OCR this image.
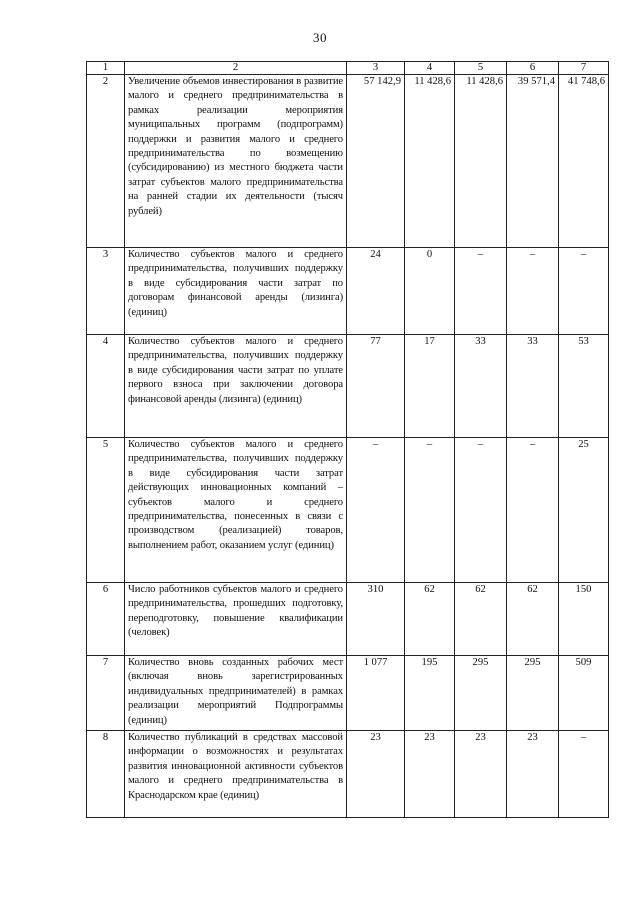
30
1	2	3	4	5	6	7
2	Увеличение объемов инвестирования в развитие малого и среднего предпринимательства в рамках реализации мероприятия муниципальных программ (подпрограмм) поддержки и развития малого и среднего предпринимательства по возмещению (субсидированию) из местного бюджета части затрат субъектов малого предпринимательства на ранней стадии их деятельности (тысяч рублей)	57 142,9	11 428,6	11 428,6	39 571,4	41 748,6
3	Количество субъектов малого и среднего предпринимательства, получивших поддержку в виде субсидирования части затрат по договорам финансовой аренды (лизинга) (единиц)	24	0	–	–	–
4	Количество субъектов малого и среднего предпринимательства, получивших поддержку в виде субсидирования части затрат по уплате первого взноса при заключении договора финансовой аренды (лизинга) (единиц)	77	17	33	33	53
5	Количество субъектов малого и среднего предпринимательства, получивших поддержку в виде субсидирования части затрат действующих инновационных компаний – субъектов малого и среднего предпринимательства, понесенных в связи с производством (реализацией) товаров, выполнением работ, оказанием услуг (единиц)	–	–	–	–	25
6	Число работников субъектов малого и среднего предпринимательства, прошедших подготовку, переподготовку, повышение квалификации (человек)	310	62	62	62	150
7	Количество вновь созданных рабочих мест (включая вновь зарегистрированных индивидуальных предпринимателей) в рамках реализации мероприятий Подпрограммы (единиц)	1 077	195	295	295	509
8	Количество публикаций в средствах массовой информации о возможностях и результатах развития инновационной активности субъектов малого и среднего предпринимательства в Краснодарском крае (единиц)	23	23	23	23	–
